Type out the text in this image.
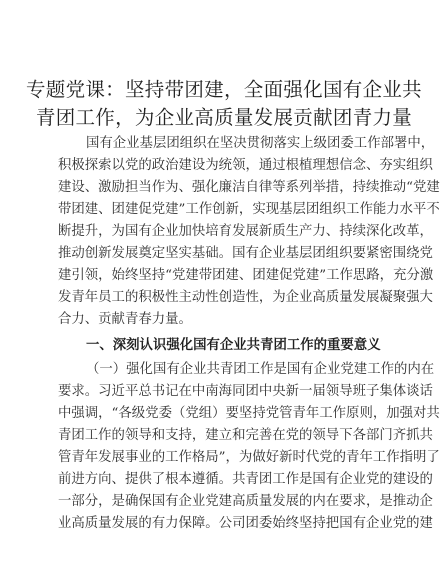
专题党课：坚持带团建，全面强化国有企业共
青团工作，为企业高质量发展贡献团青力量
国有企业基层团组织在坚决贯彻落实上级团委工作部署中，
积极探索以党的政治建设为统领，通过根植理想信念、夯实组织
建设、激励担当作为、强化廉洁自律等系列举措，持续推动“党建
带团建、团建促党建”工作创新，实现基层团组织工作能力水平不
断提升，为国有企业加快培育发展新质生产力、持续深化改革，
推动创新发展奠定坚实基础。国有企业基层团组织要紧密围绕党
建引领，始终坚持“党建带团建、团建促党建”工作思路，充分激
发青年员工的积极性主动性创造性，为企业高质量发展凝聚强大
合力、贡献青春力量。
一、深刻认识强化国有企业共青团工作的重要意义
（一）强化国有企业共青团工作是国有企业党建工作的内在
要求。习近平总书记在中南海同团中央新一届领导班子集体谈话
中强调，“各级党委（党组）要坚持党管青年工作原则，加强对共
青团工作的领导和支持，建立和完善在党的领导下各部门齐抓共
管青年发展事业的工作格局”，为做好新时代党的青年工作指明了
前进方向、提供了根本遵循。共青团工作是国有企业党的建设的
一部分，是确保国有企业党建高质量发展的内在要求，是推动企
业高质量发展的有力保障。公司团委始终坚持把国有企业党的建
